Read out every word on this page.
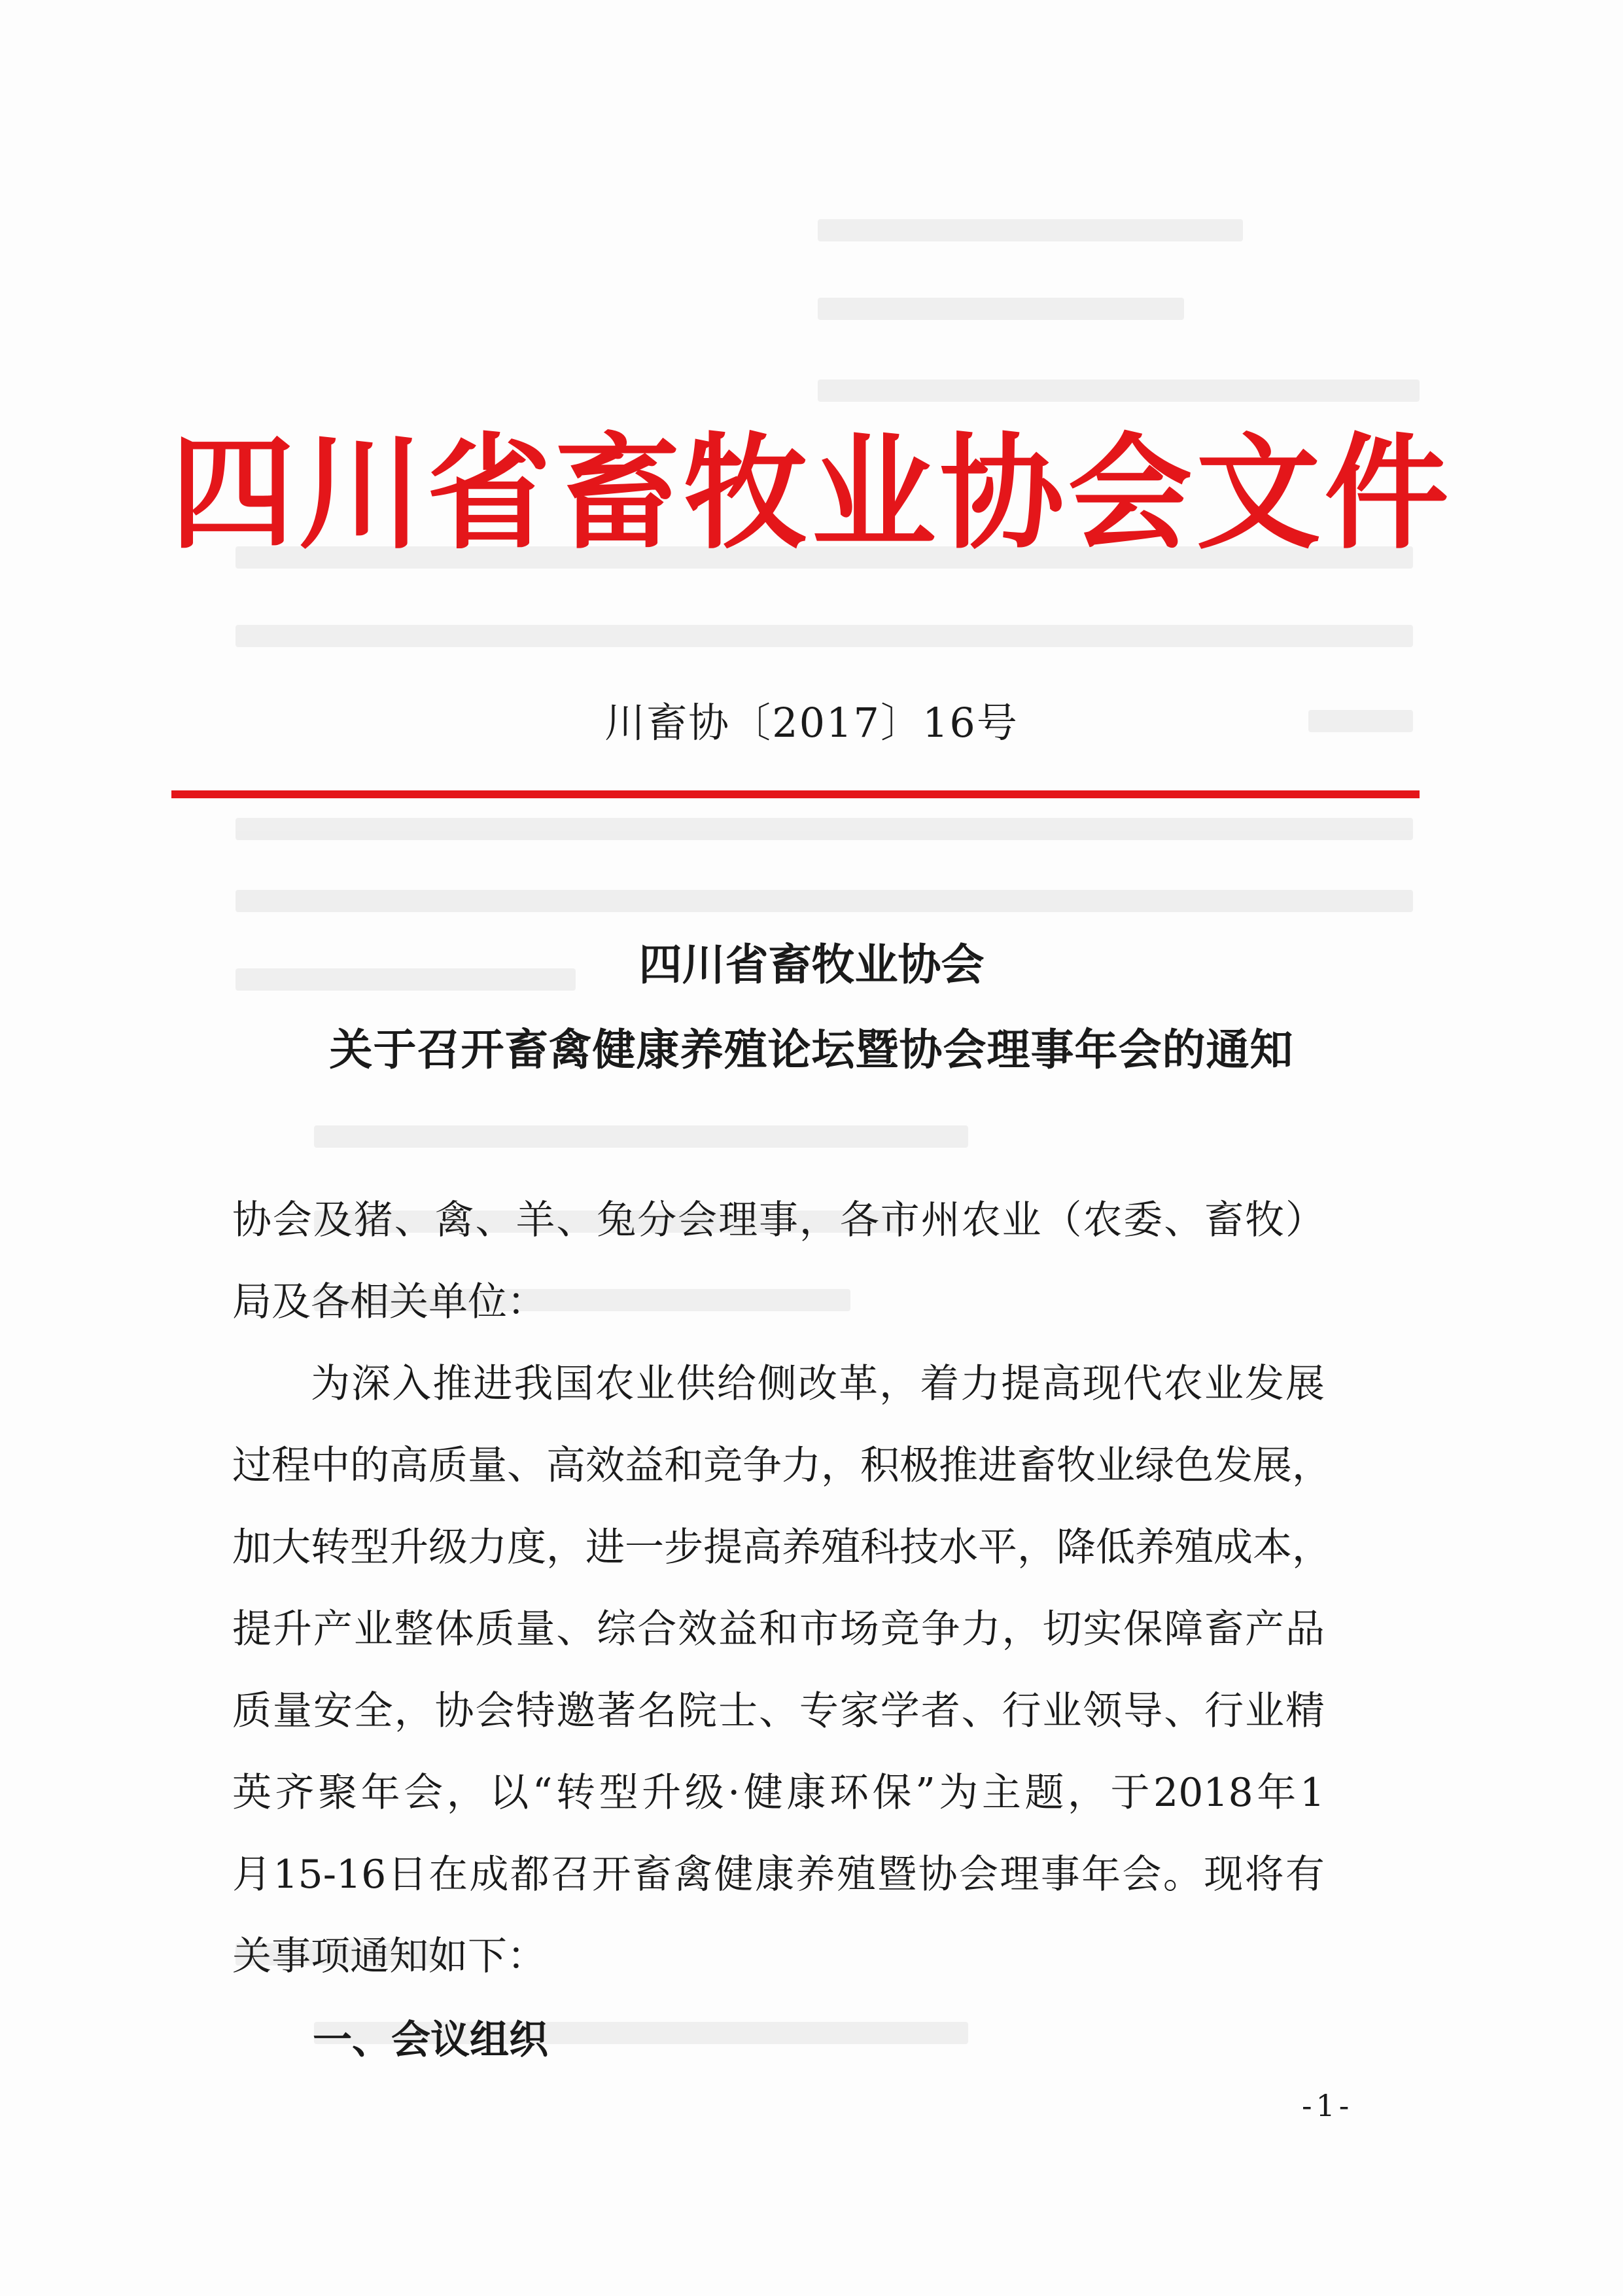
四川省畜牧业协会文件
川畜协〔2017〕16号
四川省畜牧业协会
关于召开畜禽健康养殖论坛暨协会理事年会的通知
协会及猪、禽、羊、兔分会理事，各市州农业（农委、畜牧）
局及各相关单位：
为深入推进我国农业供给侧改革，着力提高现代农业发展
过程中的高质量、高效益和竞争力，积极推进畜牧业绿色发展，
加大转型升级力度，进一步提高养殖科技水平，降低养殖成本，
提升产业整体质量、综合效益和市场竞争力，切实保障畜产品
质量安全，协会特邀著名院士、专家学者、行业领导、行业精
英齐聚年会，以“转型升级·健康环保”为主题，于2018年1
月15-16日在成都召开畜禽健康养殖暨协会理事年会。现将有
关事项通知如下：
一、会议组织
-1-
